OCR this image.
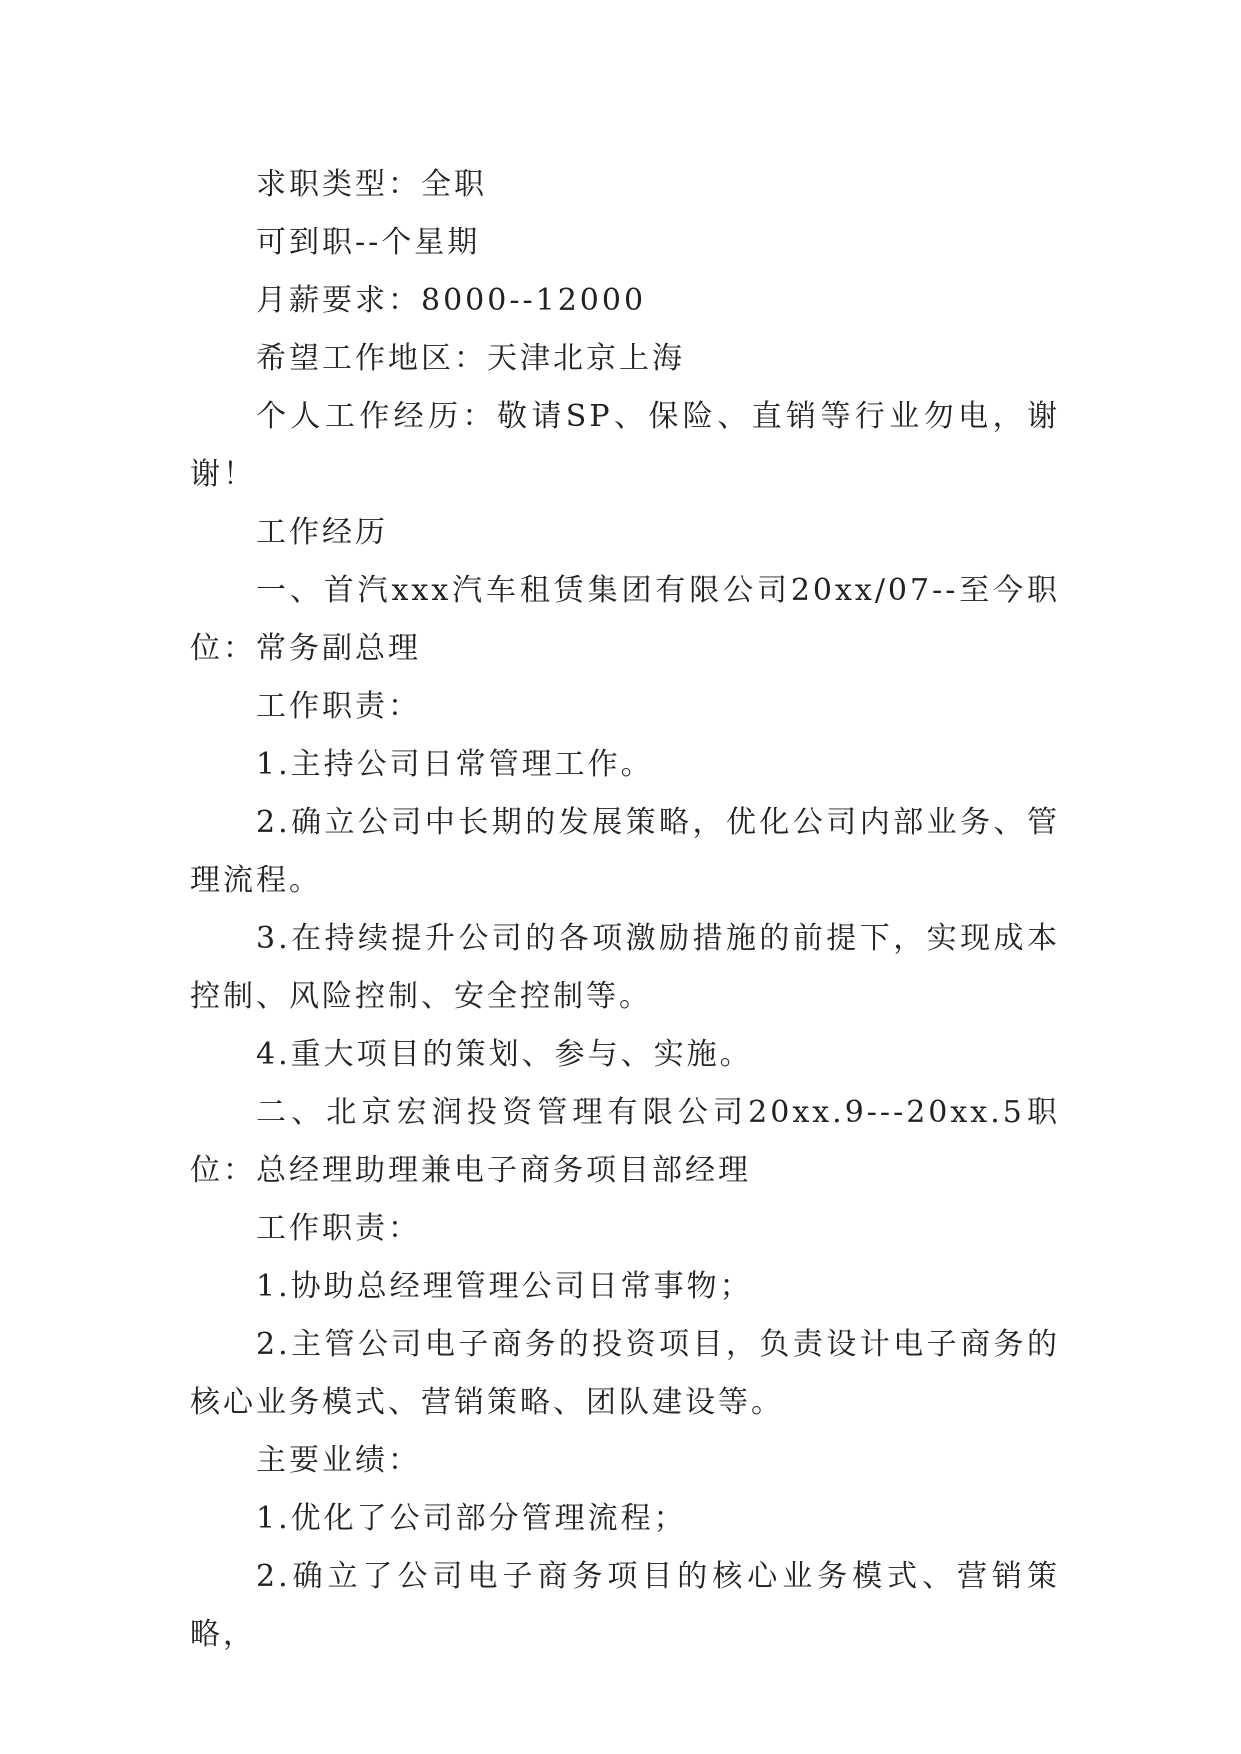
求职类型：全职

可到职--个星期

月薪要求：8000--12000

希望工作地区：天津北京上海

个人工作经历：敬请SP、保险、直销等行业勿电，谢谢！

工作经历

一、首汽xxx汽车租赁集团有限公司20xx/07--至今职位：常务副总理

工作职责：

1.主持公司日常管理工作。

2.确立公司中长期的发展策略，优化公司内部业务、管理流程。

3.在持续提升公司的各项激励措施的前提下，实现成本控制、风险控制、安全控制等。

4.重大项目的策划、参与、实施。

二、北京宏润投资管理有限公司20xx.9---20xx.5职位：总经理助理兼电子商务项目部经理

工作职责：

1.协助总经理管理公司日常事物；

2.主管公司电子商务的投资项目，负责设计电子商务的核心业务模式、营销策略、团队建设等。

主要业绩：

1.优化了公司部分管理流程；

2.确立了公司电子商务项目的核心业务模式、营销策略，
